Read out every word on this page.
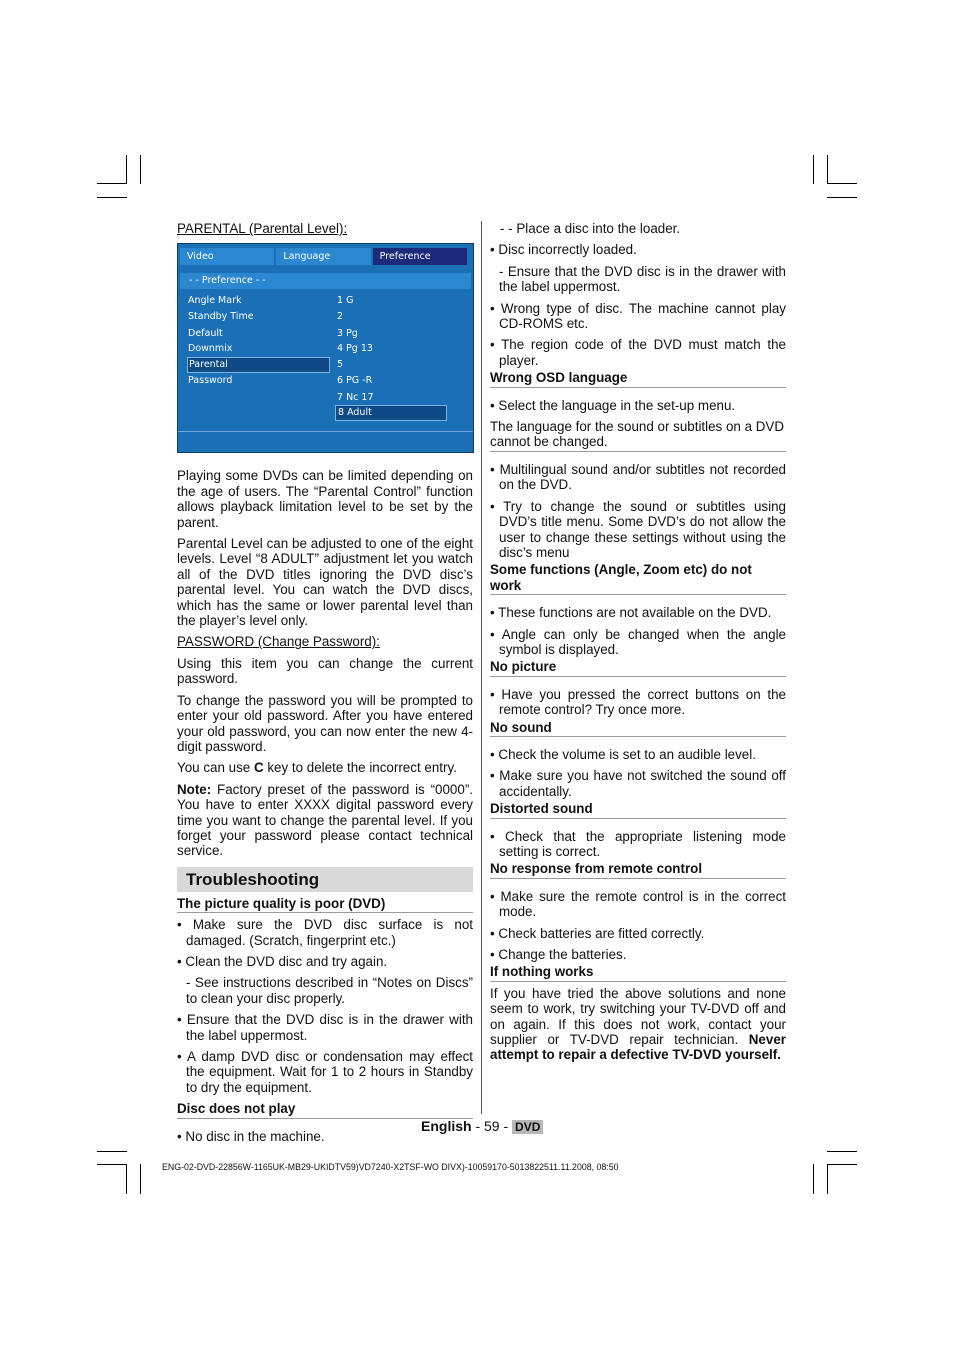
PARENTAL (Parental Level):

Video	Language	Preference
- - Preference - -
Angle Mark
Standby Time
Default
Downmix
Parental
Password
1 G
2
3 Pg
4 Pg 13
5
6 PG -R
7 Nc 17
8 Adult

Playing some DVDs can be limited depending on the age of users. The “Parental Control” function allows playback limitation level to be set by the parent.

Parental Level can be adjusted to one of the eight levels. Level “8 ADULT” adjustment let you watch all of the DVD titles ignoring the DVD disc’s parental level. You can watch the DVD discs, which has the same or lower parental level than the player’s level only.

PASSWORD (Change Password):

Using this item you can change the current password.

To change the password you will be prompted to enter your old password. After you have entered your old password, you can now enter the new 4-digit password.

You can use C key to delete the incorrect entry.

Note: Factory preset of the password is “0000”. You have to enter XXXX digital password every time you want to change the parental level. If you forget your password please contact technical service.

Troubleshooting
The picture quality is poor (DVD)

• Make sure the DVD disc surface is not damaged. (Scratch, fingerprint etc.)

• Clean the DVD disc and try again.

- See instructions described in “Notes on Discs” to clean your disc properly.

• Ensure that the DVD disc is in the drawer with the label uppermost.

• A damp DVD disc or condensation may effect the equipment. Wait for 1 to 2 hours in Standby to dry the equipment.

Disc does not play

• No disc in the machine.

- - Place a disc into the loader.

• Disc incorrectly loaded.

- Ensure that the DVD disc is in the drawer with the label uppermost.

• Wrong type of disc. The machine cannot play CD-ROMS etc.

• The region code of the DVD must match the player.

Wrong OSD language

• Select the language in the set-up menu.

The language for the sound or subtitles on a DVD cannot be changed.

• Multilingual sound and/or subtitles not recorded on the DVD.

• Try to change the sound or subtitles using DVD’s title menu. Some DVD’s do not allow the user to change these settings without using the disc’s menu

Some functions (Angle, Zoom etc) do not work

• These functions are not available on the DVD.

• Angle can only be changed when the angle symbol is displayed.

No picture

• Have you pressed the correct buttons on the remote control? Try once more.

No sound

• Check the volume is set to an audible level.

• Make sure you have not switched the sound off accidentally.

Distorted sound

• Check that the appropriate listening mode setting is correct.

No response from remote control

• Make sure the remote control is in the correct mode.

• Check batteries are fitted correctly.

• Change the batteries.

If nothing works

If you have tried the above solutions and none seem to work, try switching your TV-DVD off and on again. If this does not work, contact your supplier or TV-DVD repair technician. Never attempt to repair a defective TV-DVD yourself.

English - 59 - DVD
ENG-02-DVD-22856W-1165UK-MB29-UKIDTV59)VD7240-X2TSF-WO DIVX)-10059170-5013822511.11.2008, 08:50
